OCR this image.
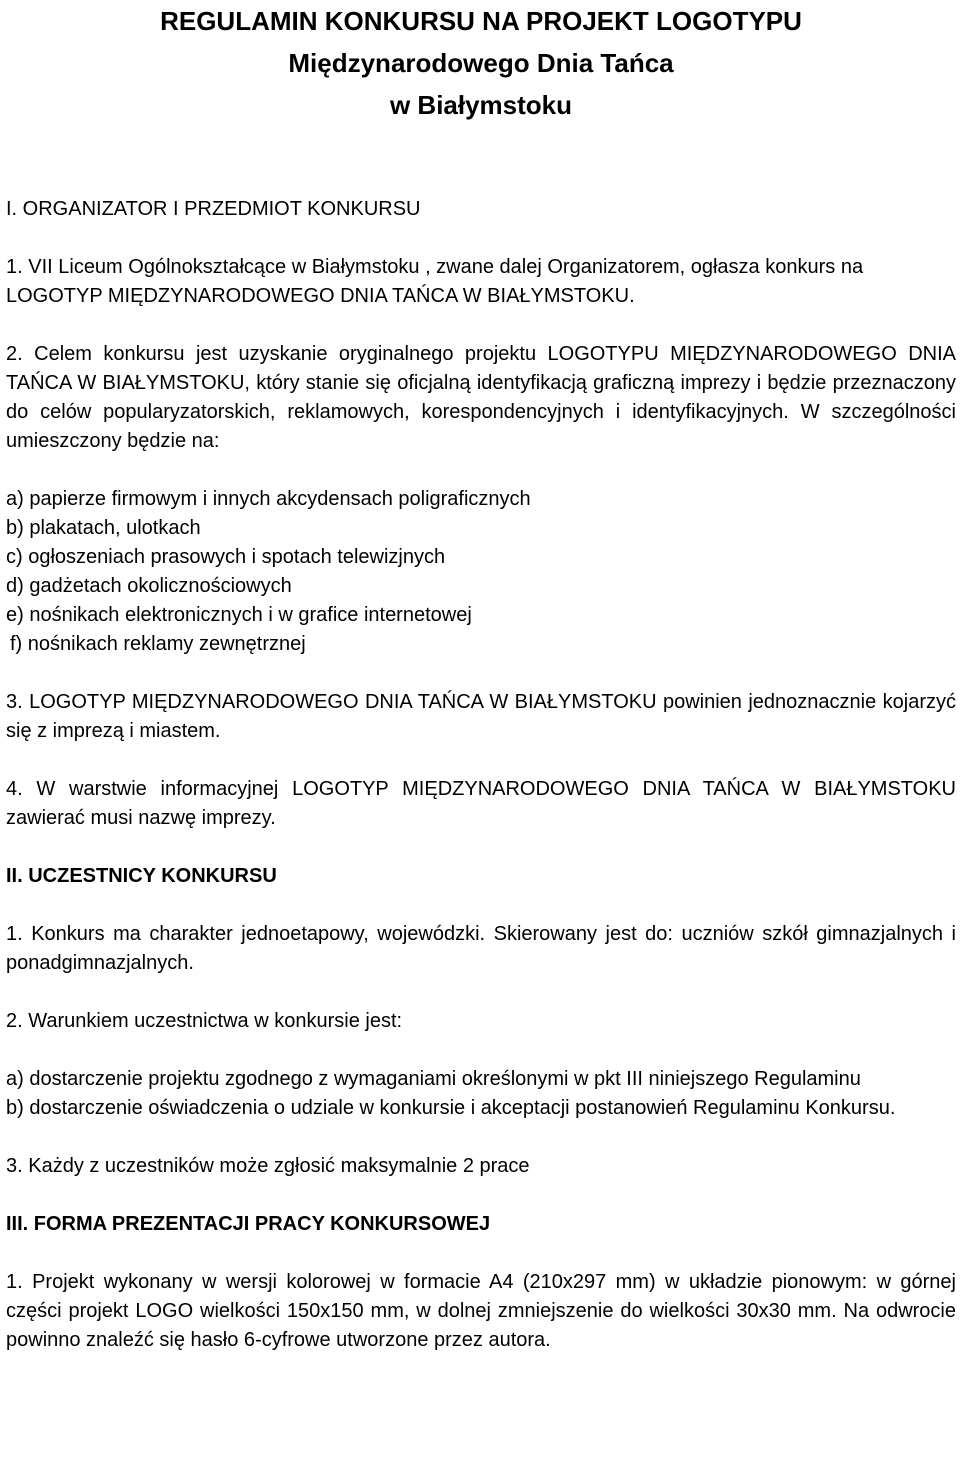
REGULAMIN KONKURSU NA PROJEKT LOGOTYPU
Międzynarodowego Dnia Tańca
w Białymstoku

I. ORGANIZATOR I PRZEDMIOT KONKURSU

1. VII Liceum Ogólnokształcące w Białymstoku , zwane dalej Organizatorem, ogłasza konkurs na LOGOTYP MIĘDZYNARODOWEGO DNIA TAŃCA W BIAŁYMSTOKU.

2. Celem konkursu jest uzyskanie oryginalnego projektu LOGOTYPU MIĘDZYNARODOWEGO DNIA TAŃCA W BIAŁYMSTOKU, który stanie się oficjalną identyfikacją graficzną imprezy i będzie przeznaczony do celów popularyzatorskich, reklamowych, korespondencyjnych i identyfikacyjnych. W szczególności umieszczony będzie na:

a) papierze firmowym i innych akcydensach poligraficznych
b) plakatach, ulotkach
c) ogłoszeniach prasowych i spotach telewizjnych
d) gadżetach okolicznościowych
e) nośnikach elektronicznych i w grafice internetowej
f) nośnikach reklamy zewnętrznej

3. LOGOTYP MIĘDZYNARODOWEGO DNIA TAŃCA W BIAŁYMSTOKU powinien jednoznacznie kojarzyć się z imprezą i miastem.

4. W warstwie informacyjnej LOGOTYP MIĘDZYNARODOWEGO DNIA TAŃCA W BIAŁYMSTOKU zawierać musi nazwę imprezy.

II. UCZESTNICY KONKURSU

1. Konkurs ma charakter jednoetapowy, wojewódzki. Skierowany jest do: uczniów szkół gimnazjalnych i ponadgimnazjalnych.

2. Warunkiem uczestnictwa w konkursie jest:

a) dostarczenie projektu zgodnego z wymaganiami określonymi w pkt III niniejszego Regulaminu

b) dostarczenie oświadczenia o udziale w konkursie i akceptacji postanowień Regulaminu Konkursu.

3. Każdy z uczestników może zgłosić maksymalnie 2 prace

III. FORMA PREZENTACJI PRACY KONKURSOWEJ

1. Projekt wykonany w wersji kolorowej w formacie A4 (210x297 mm) w układzie pionowym: w górnej części projekt LOGO wielkości 150x150 mm, w dolnej zmniejszenie do wielkości 30x30 mm. Na odwrocie powinno znaleźć się hasło 6-cyfrowe utworzone przez autora.
